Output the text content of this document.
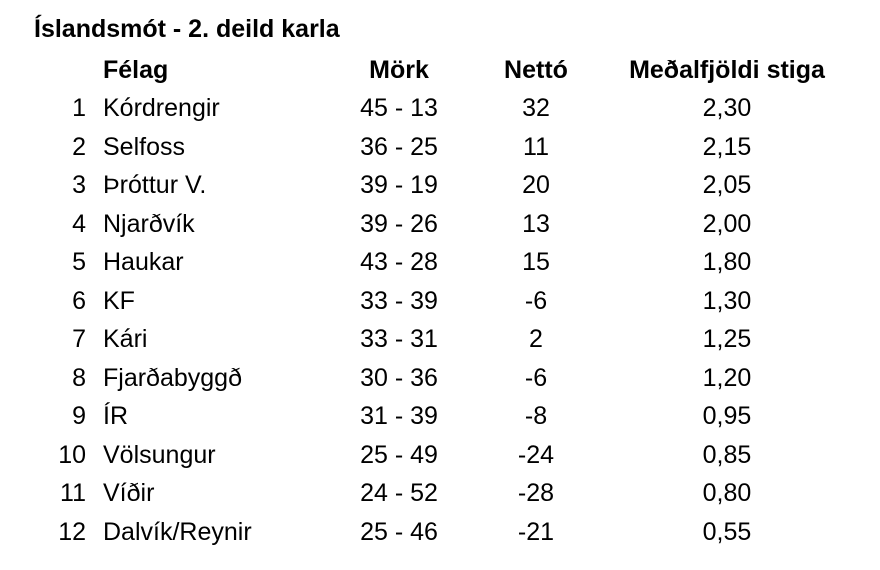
Íslandsmót - 2. deild karla
Félag	Mörk	Nettó	Meðalfjöldi stiga
1 Kórdrengir	45 - 13	32	2,30
2 Selfoss	36 - 25	11	2,15
3 Þróttur V.	39 - 19	20	2,05
4 Njarðvík	39 - 26	13	2,00
5 Haukar	43 - 28	15	1,80
6 KF	33 - 39	-6	1,30
7 Kári	33 - 31	2	1,25
8 Fjarðabyggð	30 - 36	-6	1,20
9 ÍR	31 - 39	-8	0,95
10 Völsungur	25 - 49	-24	0,85
11 Víðir	24 - 52	-28	0,80
12 Dalvík/Reynir	25 - 46	-21	0,55
